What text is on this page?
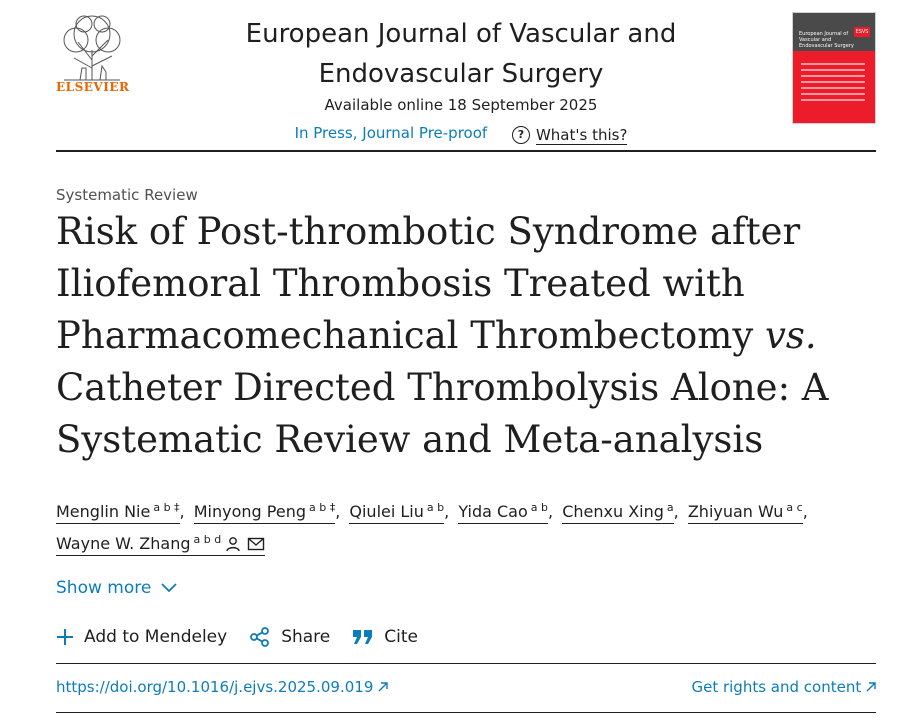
ELSEVIER
European Journal of Vascular and Endovascular Surgery
Available online 18 September 2025
In Press, Journal Pre-proof	? What's this?
European Journal of Vascular and Endovascular Surgery
ESVS
Systematic Review
Risk of Post-thrombotic Syndrome after Iliofemoral Thrombosis Treated with Pharmacomechanical Thrombectomy vs. Catheter Directed Thrombolysis Alone: A Systematic Review and Meta-analysis
Menglin Nie $^{a b \ddagger}$, Minyong Peng $^{a b \ddagger}$, Qiulei Liu $^{a b}$, Yida Cao $^{a b}$, Chenxu Xing $^a$, Zhiyuan Wu $^{a c}$,
Wayne W. Zhang $^{a b d}$
Show more
Add to Mendeley	Share	Cite
https://doi.org/10.1016/j.ejvs.2025.09.019	Get rights and content
